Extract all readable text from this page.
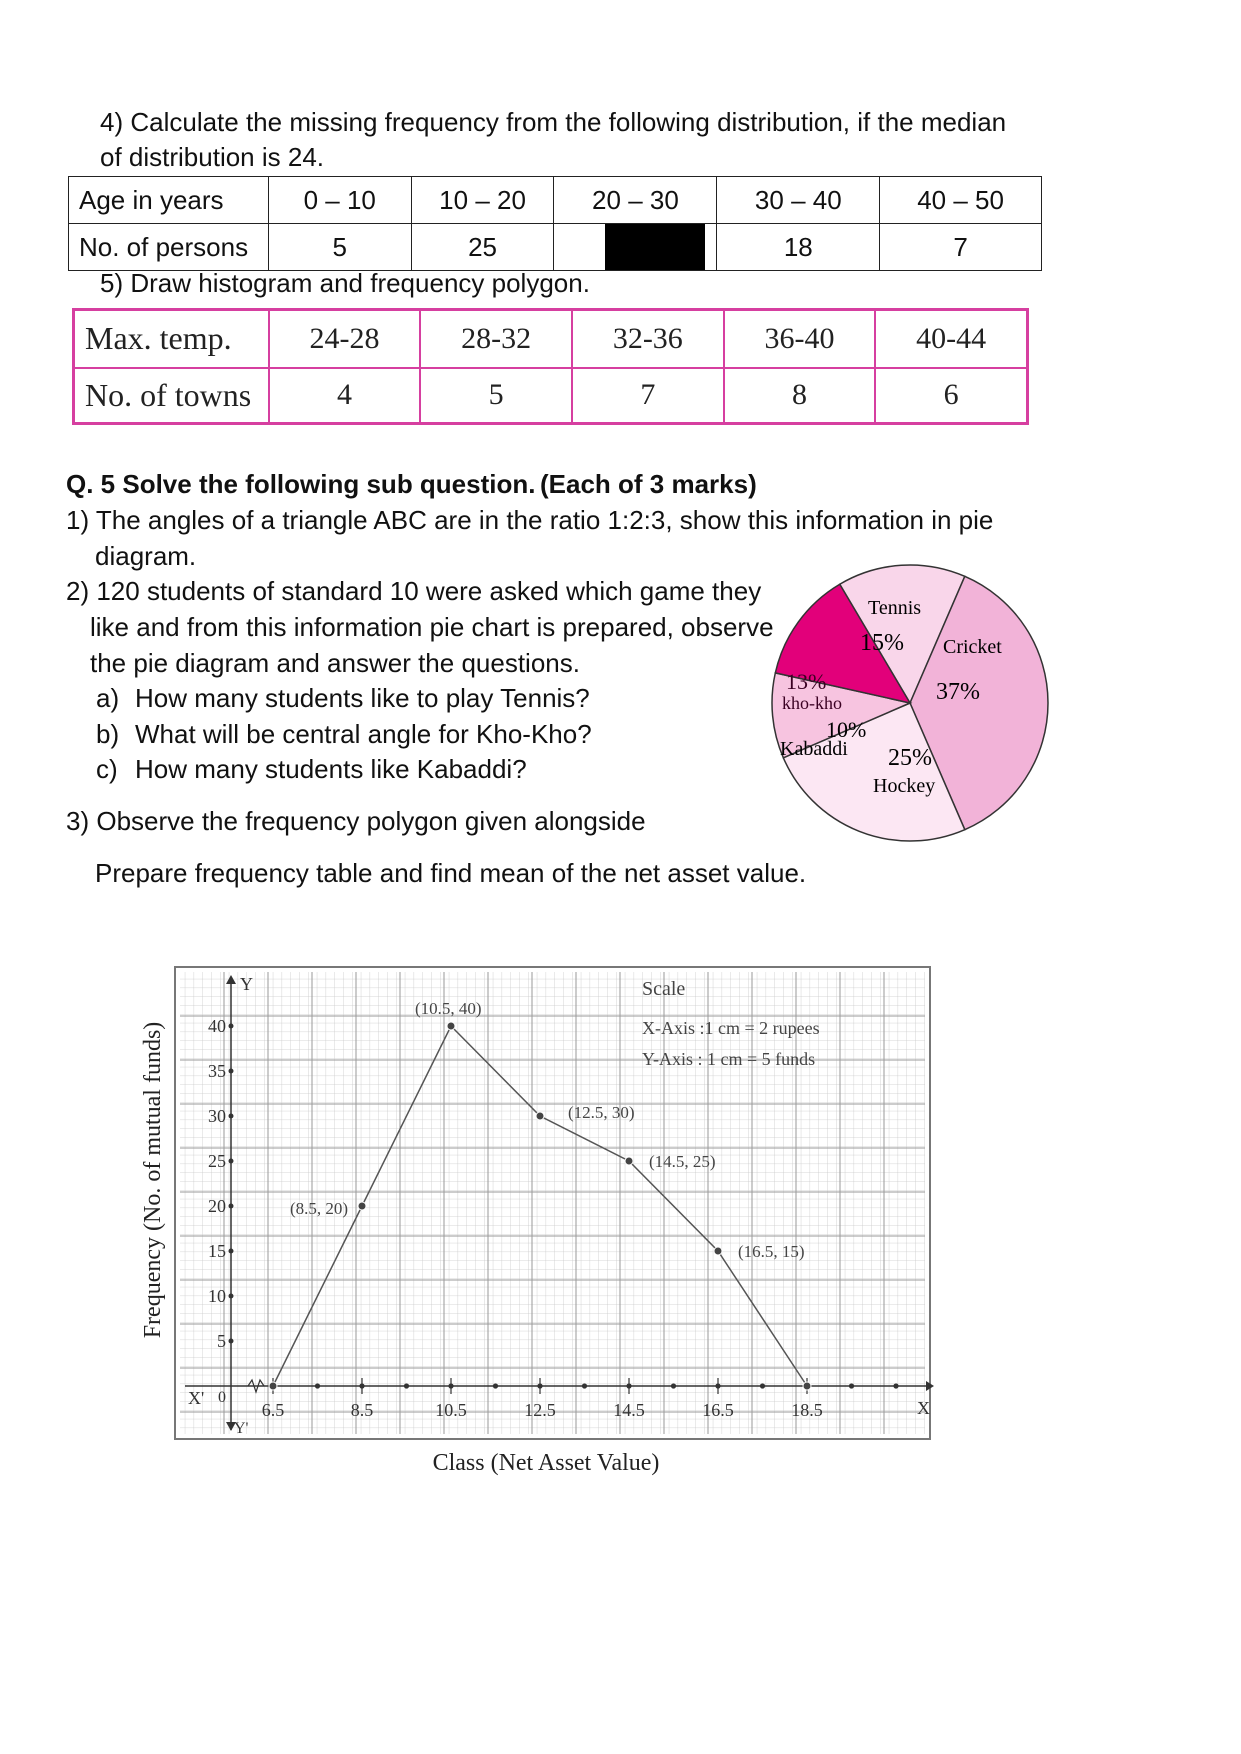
4) Calculate the missing frequency from the following distribution, if the median
of distribution is 24.
Age in years	0 – 10	10 – 20	20 – 30	30 – 40	40 – 50
No. of persons	5	25		18	7
5) Draw histogram and frequency polygon.
Max. temp.	24-28	28-32	32-36	36-40	40-44
No. of towns	4	5	7	8	6
Q. 5 Solve the following sub question. (Each of 3 marks)
1) The angles of a triangle ABC are in the ratio 1:2:3, show this information in pie
diagram.
2) 120 students of standard 10 were asked which game they
like and from this information pie chart is prepared, observe
the pie diagram and answer the questions.
a) How many students like to play Tennis?
b) What will be central angle for Kho-Kho?
c) How many students like Kabaddi?
3) Observe the frequency polygon given alongside
Prepare frequency table and find mean of the net asset value.
Tennis
15% Cricket
37%
25%
Hockey
10%
Kabaddi
13%
kho-kho
Y
Y'
X' 0
X
5
10
15
20
25
30
35
40
6.5	8.5	10.5	12.5	14.5	16.5	18.5
(8.5, 20)
(10.5, 40)
(12.5, 30)
(14.5, 25)
(16.5, 15)
Scale
X-Axis :1 cm = 2 rupees
Y-Axis : 1 cm = 5 funds
Class (Net Asset Value)
Frequency (No. of mutual funds)
